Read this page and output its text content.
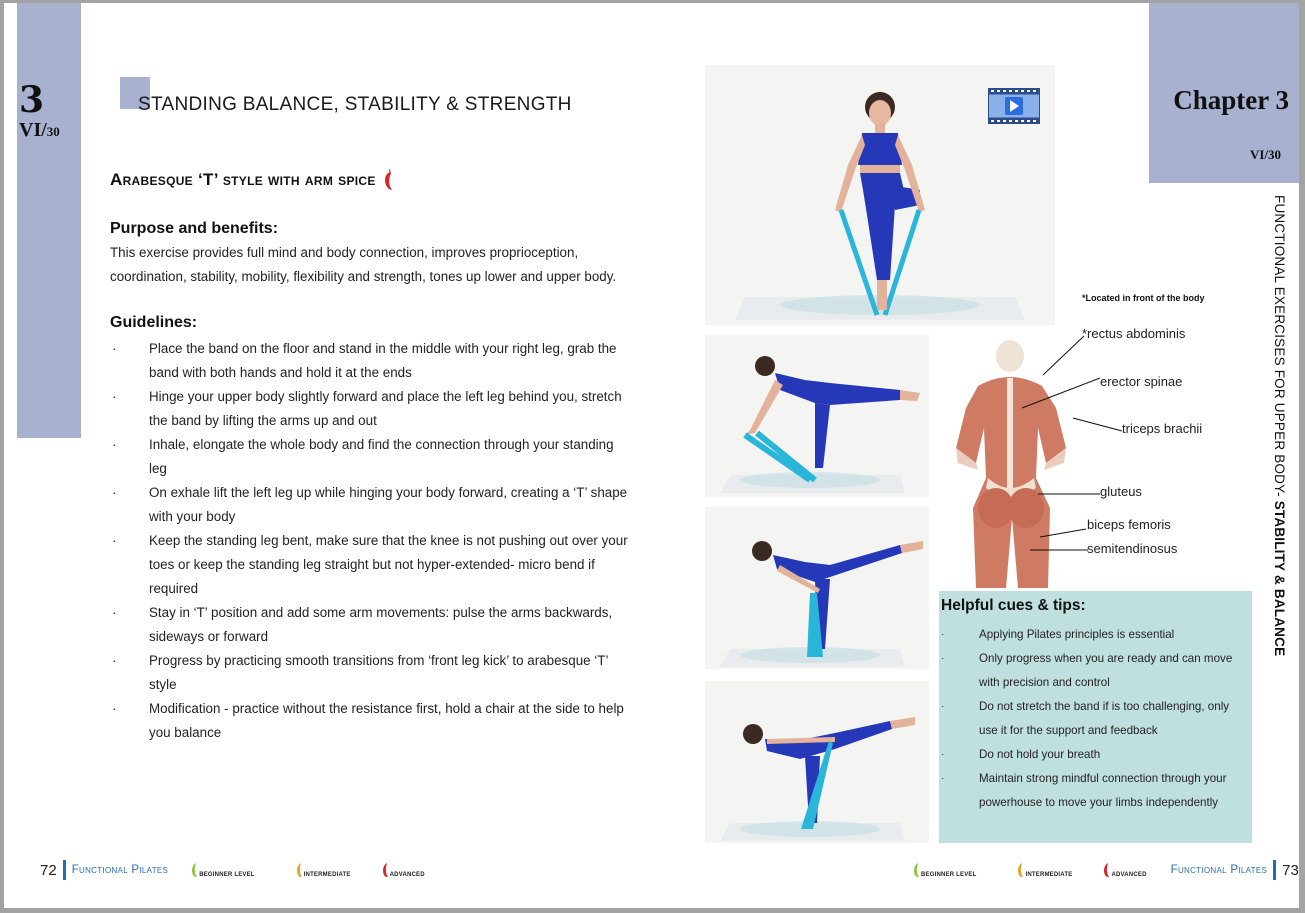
3
VI/30
STANDING BALANCE, STABILITY & STRENGTH
Arabesque ‘T’ style with arm spice
Purpose and benefits:
This exercise provides full mind and body connection, improves proprioception, coordination, stability, mobility, flexibility and strength, tones up lower and upper body.
Guidelines:
· Place the band on the floor and stand in the middle with your right leg, grab the band with both hands and hold it at the ends
· Hinge your upper body slightly forward and place the left leg behind you, stretch the band by lifting the arms up and out
· Inhale, elongate the whole body and find the connection through your standing leg
· On exhale lift the left leg up while hinging your body forward, creating a ‘T’ shape with your body
· Keep the standing leg bent, make sure that the knee is not pushing out over your toes or keep the standing leg straight but not hyper-extended- micro bend if required
· Stay in ‘T’ position and add some arm movements: pulse the arms backwards, sideways or forward
· Progress by practicing smooth transitions from ‘front leg kick’ to arabesque ‘T’ style
· Modification - practice without the resistance first, hold a chair at the side to help you balance
72 Functional Pilates	BEGINNER LEVEL	INTERMEDIATE	ADVANCED
Chapter 3
VI/30
FUNCTIONAL EXERCISES FOR UPPER BODY- STABILITY & BALANCE
*Located in front of the body
*rectus abdominis
erector spinae
triceps brachii
gluteus
biceps femoris
semitendinosus
Helpful cues & tips:
· Applying Pilates principles is essential
· Only progress when you are ready and can move with precision and control
· Do not stretch the band if is too challenging, only use it for the support and feedback
· Do not hold your breath
· Maintain strong mindful connection through your powerhouse to move your limbs independently
BEGINNER LEVEL	INTERMEDIATE	ADVANCED Functional Pilates 73
